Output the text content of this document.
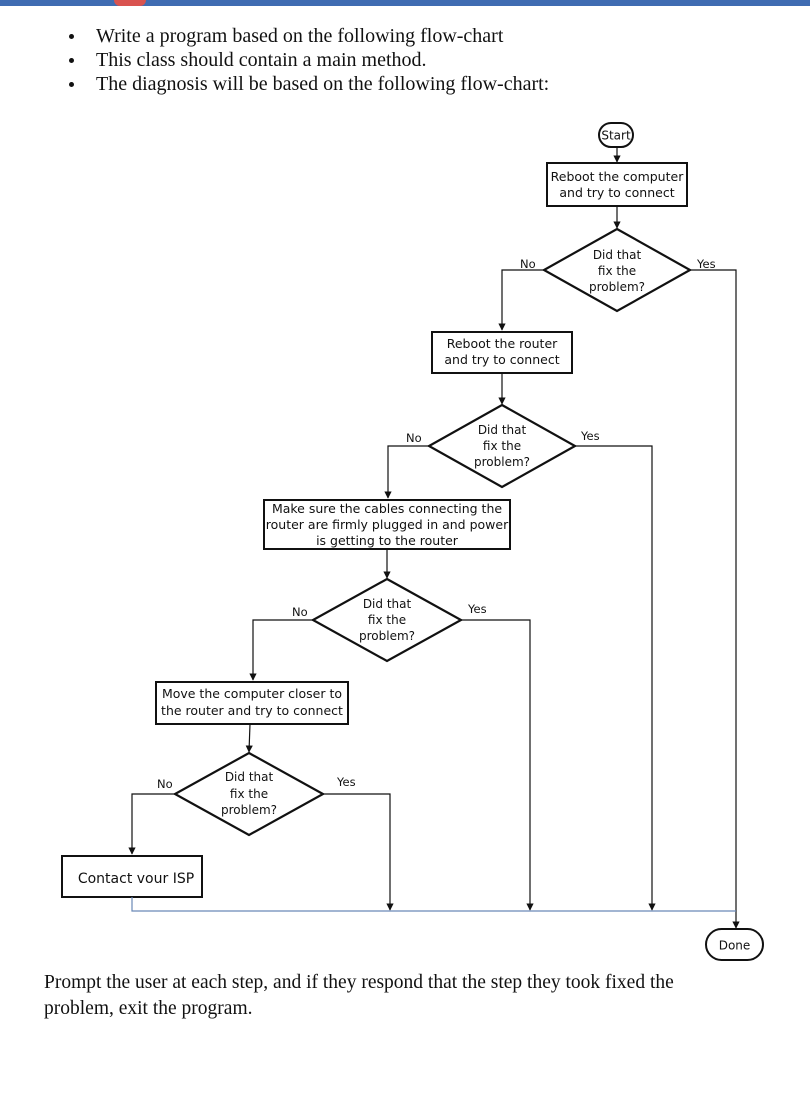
Write a program based on the following flow-chart
This class should contain a main method.
The diagnosis will be based on the following flow-chart:
Start
Reboot the computer
and try to connect
Did that
fix the
problem?
No	Yes
Reboot the router
and try to connect
Did that
fix the
problem?
No	Yes
Make sure the cables connecting the
router are firmly plugged in and power
is getting to the router
Did that
fix the
problem?
No	Yes
Move the computer closer to
the router and try to connect
Did that
fix the
problem?
No	Yes
Contact vour ISP
Done

Prompt the user at each step, and if they respond that the step they took fixed the problem, exit the program.
